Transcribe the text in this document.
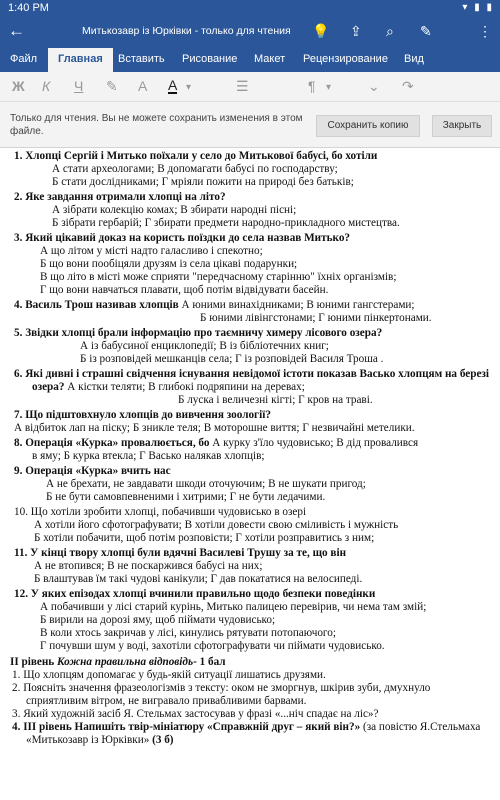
1:40 PM	▾ ▮ ▮
←	Митькозавр із Юрківки - только для чтения 💡 ⇪ ⌕ ✎	⋮
Файл	Главная	Вставить Рисование Макет Рецензирование Вид
Ж К Ч ✎ A A ▾	☰	¶ ▾	⌄ ↷
Только для чтения. Вы не можете сохранить изменения в этом файле.
Сохранить копию	Закрыть
1. Хлопці Сергій і Митько поїхали у село до Митькової бабусі, бо хотіли
А стати археологами; В допомагати бабусі по господарству;
Б стати дослідниками; Г мріяли пожити на природі без батьків;
2. Яке завдання отримали хлопці на літо?
А зібрати колекцію комах; В збирати народні пісні;
Б зібрати гербарій; Г збирати предмети народно-прикладного мистецтва.
3. Який цікавий доказ на користь поїздки до села назвав Митько?
А що літом у місті надто галасливо і спекотно;
Б що вони пообіцяли друзям із села цікаві подарунки;
В що літо в місті може сприяти "передчасному старінню" їхніх організмів;
Г що вони навчаться плавати, щоб потім відвідувати басейн.
4. Василь Трош називав хлопців А юними винахідниками; В юними гангстерами;
Б юними лівінгстонами; Г юними пінкертонами.
5. Звідки хлопці брали інформацію про таємничу химеру лісового озера?
А із бабусиної енциклопедії; В із бібліотечних книг;
Б із розповідей мешканців села; Г із розповідей Василя Троша .
6. Які дивні і страшні свідчення існування невідомої істоти показав Васько хлопцям на березі озера? А кістки теляти; В глибокі подряпини на деревах;
Б луска і величезні кігті; Г кров на траві.
7. Що підштовхнуло хлопців до вивчення зоології?
А відбиток лап на піску; Б зникле теля; В моторошне виття; Г незвичайні метелики.
8. Операція «Курка» провалюється, бо А курку з'їло чудовисько; В дід провалився
в яму; Б курка втекла; Г Васько налякав хлопців;
9. Операція «Курка» вчить нас
А не брехати, не завдавати шкоди оточуючим; В не шукати пригод;
Б не бути самовпевненими і хитрими; Г не бути ледачими.
10. Що хотіли зробити хлопці, побачивши чудовисько в озері
А хотіли його сфотографувати; В хотіли довести свою сміливість і мужність
Б хотіли побачити, щоб потім розповісти; Г хотіли розправитись з ним;
11. У кінці твору хлопці були вдячні Василеві Трушу за те, що він
А не втопився; В не поскаржився бабусі на них;
Б влаштував їм такі чудові канікули; Г дав покататися на велосипеді.
12. У яких епізодах хлопці вчинили правильно щодо безпеки поведінки
А побачивши у лісі старий курінь, Митько палицею перевірив, чи нема там змій;
Б вирили на дорозі яму, щоб піймати чудовисько;
В коли хтось закричав у лісі, кинулись рятувати потопаючого;
Г почувши шум у воді, захотіли сфотографувати чи піймати чудовисько.
ІІ рівень Кожна правильна відповідь- 1 бал
1. Що хлопцям допомагає у будь-якій ситуації лишатись друзями.
2. Поясніть значення фразеологізмів з тексту: оком не зморгнув, шкірив зуби, дмухнуло сприятливим вітром, не вигравало привабливими барвами.
3. Який художній засіб Я. Стельмах застосував у фразі «...ніч спадає на ліс»?
4. ІІІ рівень Напишіть твір-мініатюру «Справжній друг – який він?» (за повістю Я.Стельмаха «Митькозавр із Юрківки» (3 б)
